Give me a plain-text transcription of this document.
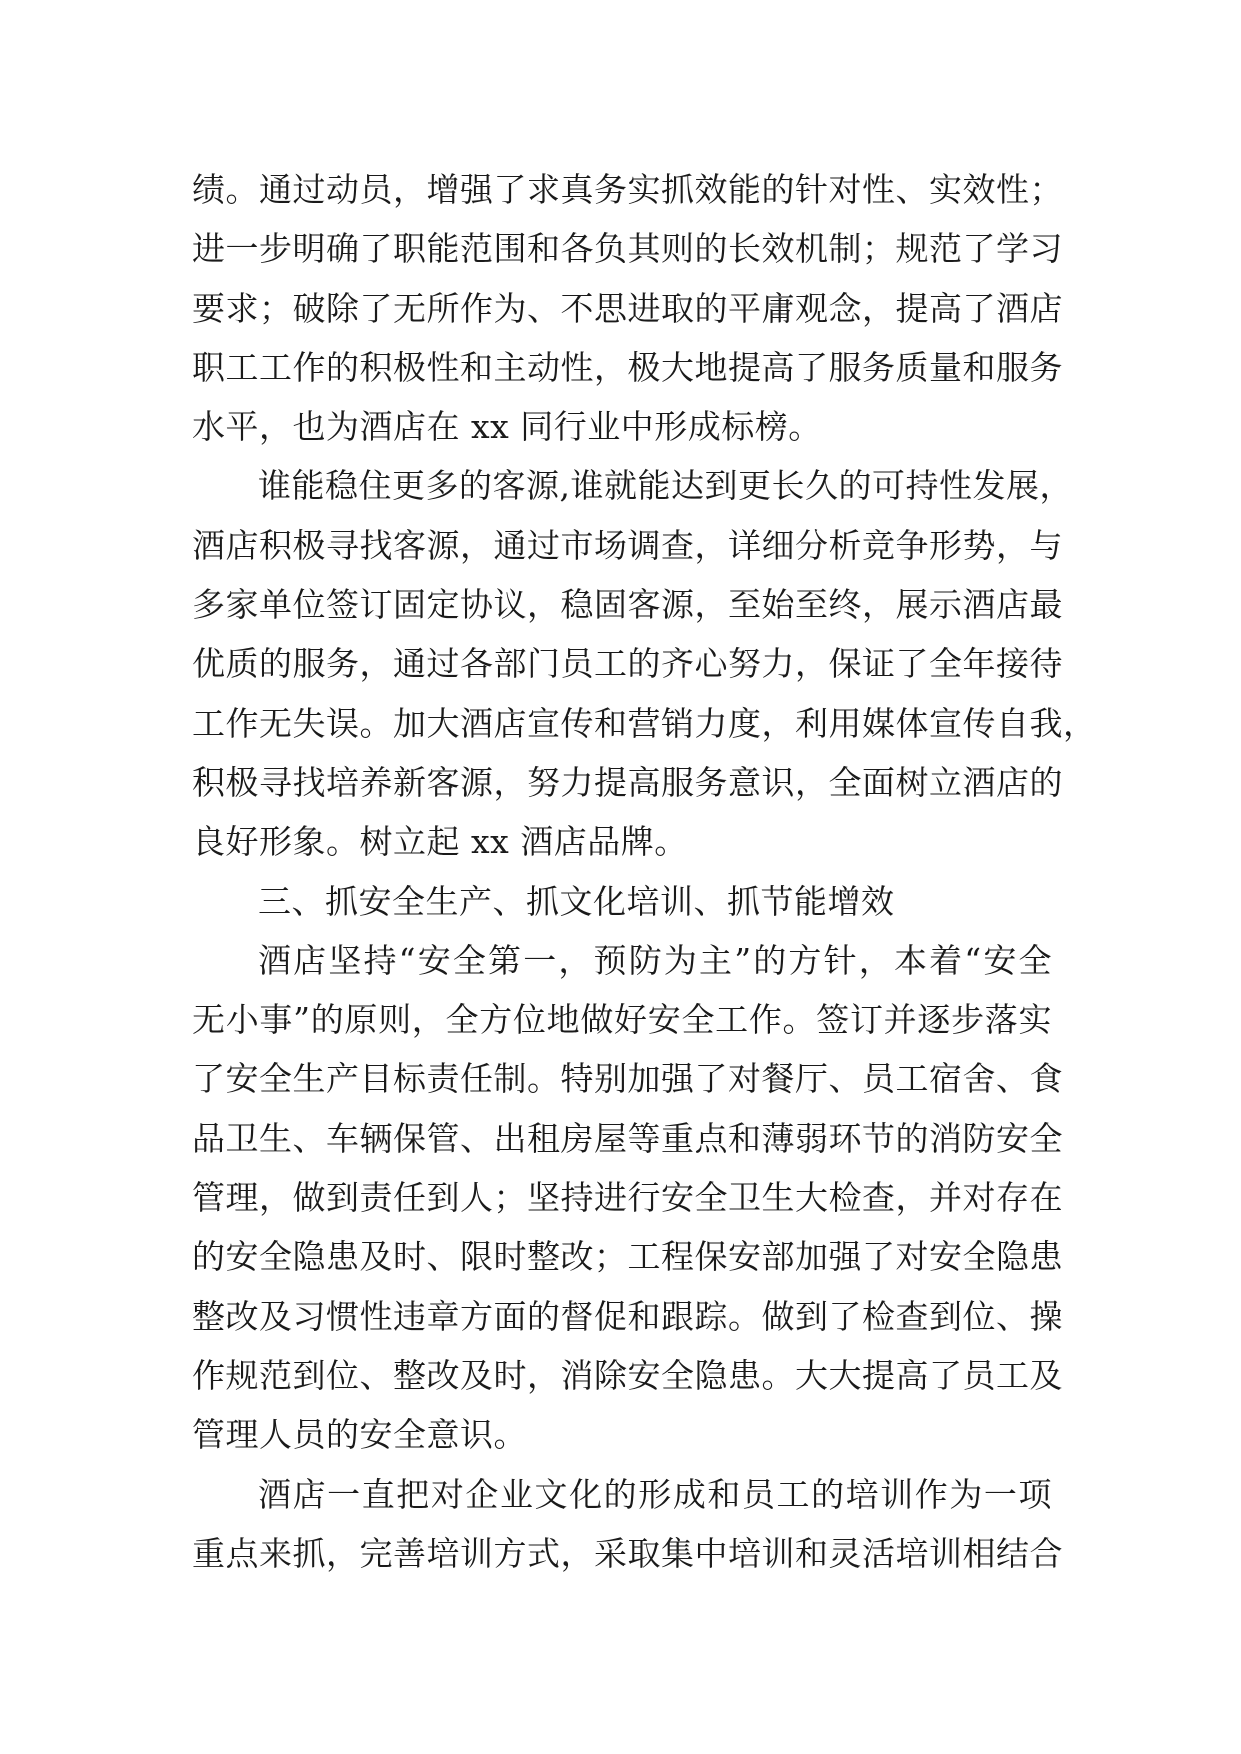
绩。通过动员，增强了求真务实抓效能的针对性、实效性；
进一步明确了职能范围和各负其则的长效机制；规范了学习
要求；破除了无所作为、不思进取的平庸观念，提高了酒店
职工工作的积极性和主动性，极大地提高了服务质量和服务
水平，也为酒店在 xx 同行业中形成标榜。
谁能稳住更多的客源,谁就能达到更长久的可持性发展，
酒店积极寻找客源，通过市场调查，详细分析竞争形势，与
多家单位签订固定协议，稳固客源，至始至终，展示酒店最
优质的服务，通过各部门员工的齐心努力，保证了全年接待
工作无失误。加大酒店宣传和营销力度，利用媒体宣传自我，
积极寻找培养新客源，努力提高服务意识，全面树立酒店的
良好形象。树立起 xx 酒店品牌。
三、抓安全生产、抓文化培训、抓节能增效
酒店坚持“安全第一，预防为主”的方针，本着“安全
无小事”的原则，全方位地做好安全工作。签订并逐步落实
了安全生产目标责任制。特别加强了对餐厅、员工宿舍、食
品卫生、车辆保管、出租房屋等重点和薄弱环节的消防安全
管理，做到责任到人；坚持进行安全卫生大检查，并对存在
的安全隐患及时、限时整改；工程保安部加强了对安全隐患
整改及习惯性违章方面的督促和跟踪。做到了检查到位、操
作规范到位、整改及时，消除安全隐患。大大提高了员工及
管理人员的安全意识。
酒店一直把对企业文化的形成和员工的培训作为一项
重点来抓，完善培训方式，采取集中培训和灵活培训相结合
